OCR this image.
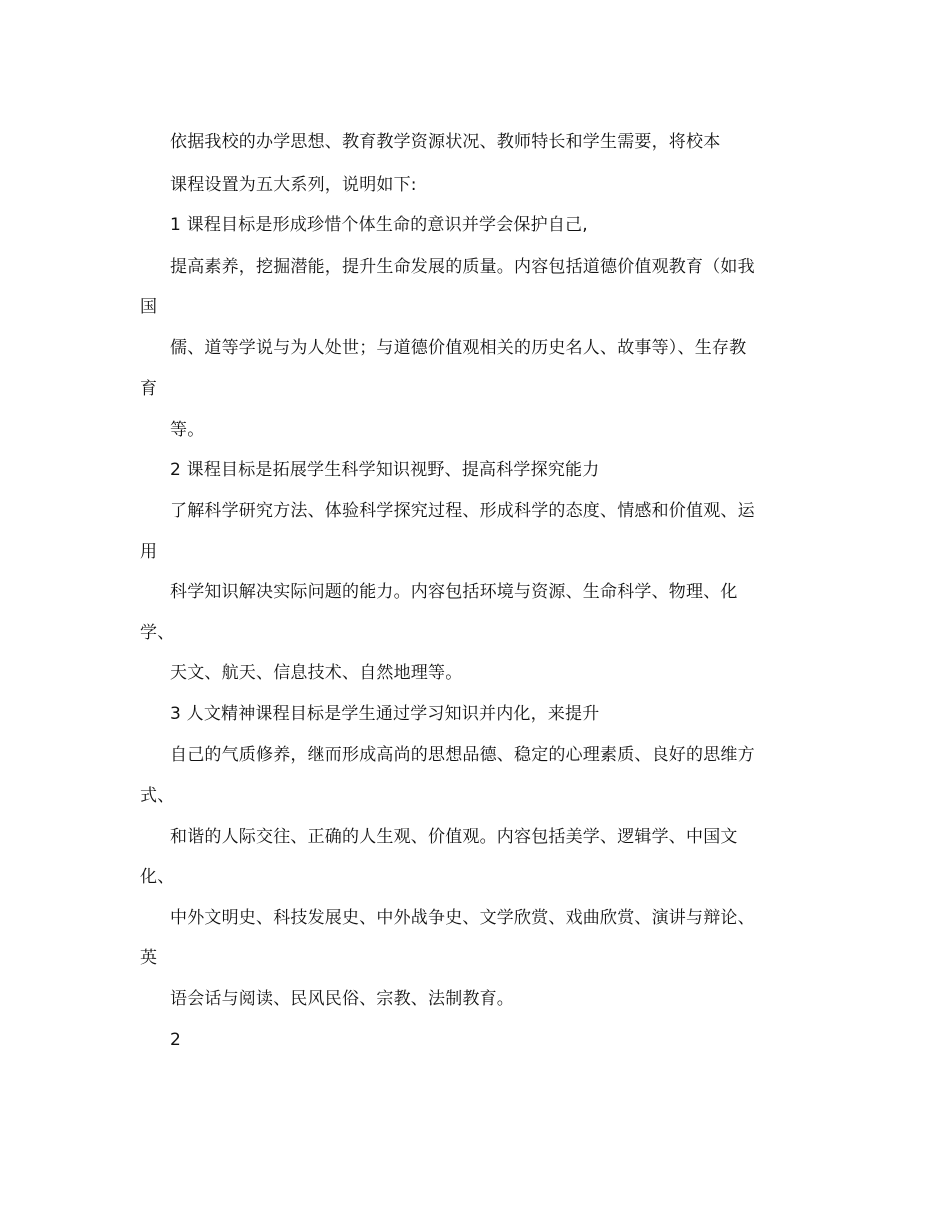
依据我校的办学思想、教育教学资源状况、教师特长和学生需要，将校本
课程设置为五大系列，说明如下:
1 课程目标是形成珍惜个体生命的意识并学会保护自己,
提高素养，挖掘潜能，提升生命发展的质量。内容包括道德价值观教育（如我
国
儒、道等学说与为人处世；与道德价值观相关的历史名人、故事等）、生存教
育
等。
2 课程目标是拓展学生科学知识视野、提高科学探究能力
了解科学研究方法、体验科学探究过程、形成科学的态度、情感和价值观、运
用
科学知识解决实际问题的能力。内容包括环境与资源、生命科学、物理、化
学、
天文、航天、信息技术、自然地理等。
3 人文精神课程目标是学生通过学习知识并内化，来提升
自己的气质修养，继而形成高尚的思想品德、稳定的心理素质、良好的思维方
式、
和谐的人际交往、正确的人生观、价值观。内容包括美学、逻辑学、中国文
化、
中外文明史、科技发展史、中外战争史、文学欣赏、戏曲欣赏、演讲与辩论、
英
语会话与阅读、民风民俗、宗教、法制教育。
2
